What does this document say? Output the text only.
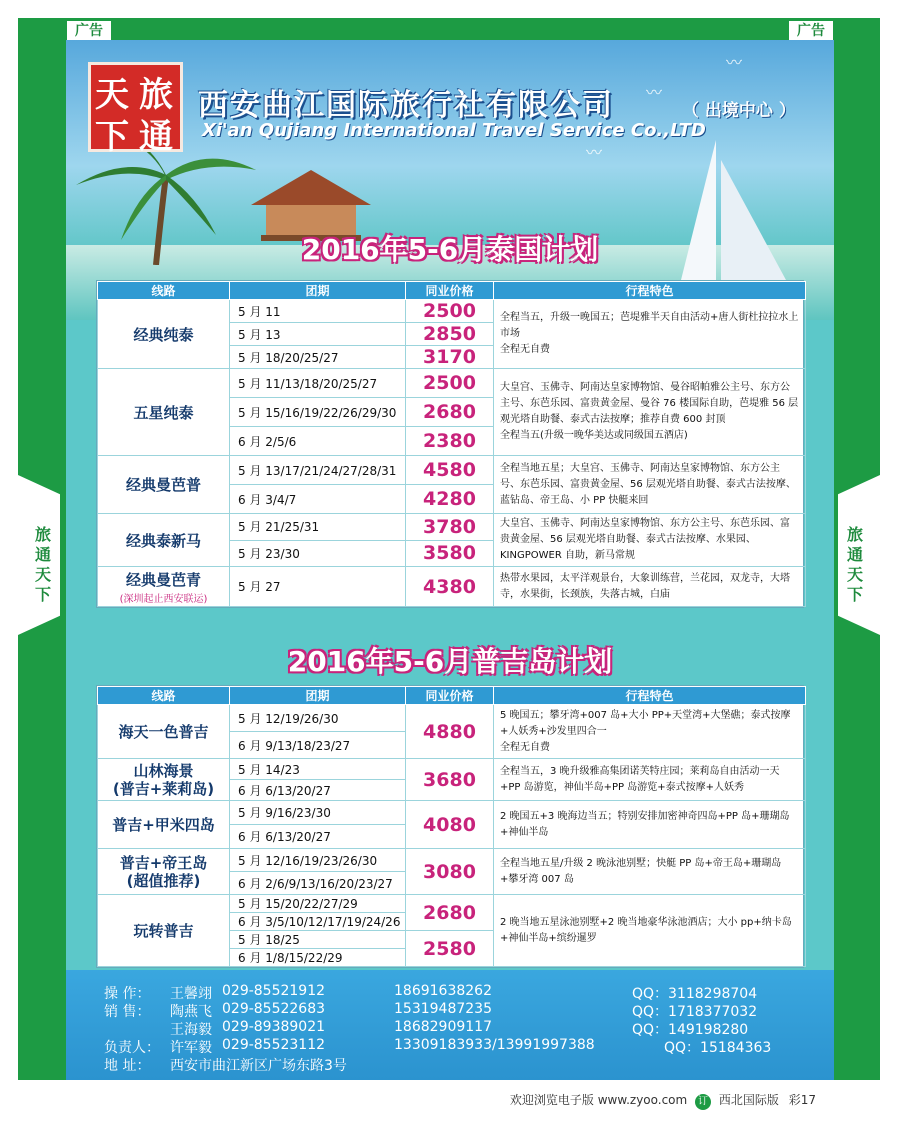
广告	广告
旅
通
天
下
旅
通
天
下
〰
〰
〰
天 旅
下 通
西安曲江国际旅行社有限公司
Xi'an Qujiang International Travel Service Co.,LTD
（ 出境中心 ）
2016年5-6月泰国计划
线路	团期	同业价格	行程特色
经典纯泰	5 月 11	2500	全程当五，升级一晚国五；芭堤雅半天自由活动+唐人街杜拉拉水上市场
全程无自费
	5 月 13	2850	
	5 月 18/20/25/27	3170	
五星纯泰	5 月 11/13/18/20/25/27	2500	大皇宫、玉佛寺、阿南达皇家博物馆、曼谷昭帕雅公主号、东方公主号、东芭乐园、富贵黄金屋、曼谷 76 楼国际自助，芭堤雅 56 层观光塔自助餐、泰式古法按摩；推荐自费 600 封顶
全程当五(升级一晚华美达或同级国五酒店)
	5 月 15/16/19/22/26/29/30	2680	
	6 月 2/5/6	2380	
经典曼芭普	5 月 13/17/21/24/27/28/31	4580	全程当地五星；大皇宫、玉佛寺、阿南达皇家博物馆、东方公主号、东芭乐园、富贵黄金屋、56 层观光塔自助餐、泰式古法按摩、蓝钻岛、帝王岛、小 PP 快艇来回
	6 月 3/4/7	4280	
经典泰新马	5 月 21/25/31	3780	大皇宫、玉佛寺、阿南达皇家博物馆、东方公主号、东芭乐园、富贵黄金屋、56 层观光塔自助餐、泰式古法按摩、水果园、KINGPOWER 自助，新马常规
	5 月 23/30	3580	
经典曼芭青
(深圳起止西安联运)	5 月 27	4380	热带水果园，太平洋观景台，大象训练营，兰花园，双龙寺，大塔寺，水果街，长颈族，失落古城，白庙
2016年5-6月普吉岛计划
线路	团期	同业价格	行程特色
海天一色普吉	5 月 12/19/26/30	4880	5 晚国五；攀牙湾+007 岛+大小 PP+天堂湾+大堡礁；泰式按摩+人妖秀+沙发里四合一
全程无自费
	6 月 9/13/18/23/27		
山林海景
(普吉+莱莉岛)	5 月 14/23	3680	全程当五，3 晚升级雅高集团诺芙特庄园；莱莉岛自由活动一天+PP 岛游览，神仙半岛+PP 岛游览+泰式按摩+人妖秀
	6 月 6/13/20/27		
普吉+甲米四岛	5 月 9/16/23/30	4080	2 晚国五+3 晚海边当五；特别安排加密神奇四岛+PP 岛+珊瑚岛+神仙半岛
	6 月 6/13/20/27		
普吉+帝王岛
(超值推荐)	5 月 12/16/19/23/26/30	3080	全程当地五星/升级 2 晚泳池别墅；快艇 PP 岛+帝王岛+珊瑚岛+攀牙湾 007 岛
	6 月 2/6/9/13/16/20/23/27		
玩转普吉	5 月 15/20/22/27/29	2680	2 晚当地五星泳池别墅+2 晚当地豪华泳池酒店；大小 pp+纳卡岛+神仙半岛+缤纷暹罗
	6 月 3/5/10/12/17/19/24/26		
	5 月 18/25	2580	
	6 月 1/8/15/22/29		
操 作： 王馨翊 029-85521912	18691638262	QQ：3118298704
销 售： 陶燕飞 029-85522683	15319487235	QQ：1718377032
王海毅 029-89389021	18682909117	QQ：149198280
负责人： 许军毅 029-85523112	13309183933/13991997388	QQ：15184363
地 址： 西安市曲江新区广场东路3号
欢迎浏览电子版 www.zyoo.com 订 西北国际版 彩17
